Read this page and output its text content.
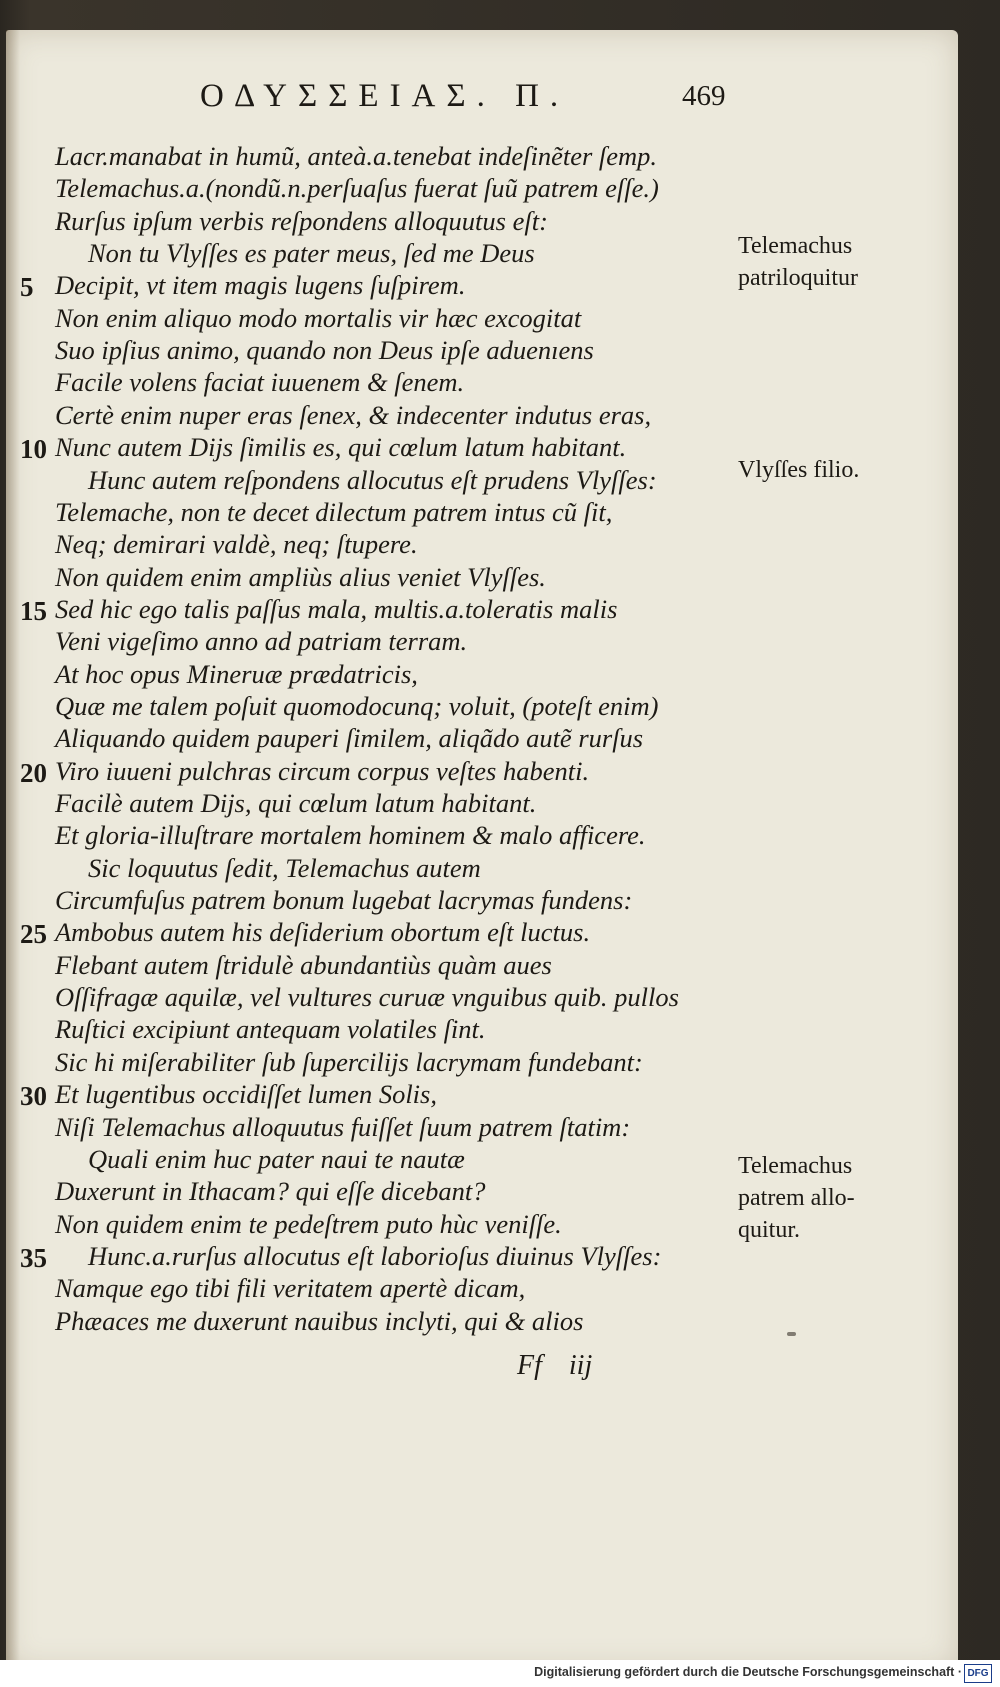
ΟΔΥΣΣΕΙΑΣ. Π.	469
Lacr.manabat in humũ, anteà.a.tenebat indeſinẽter ſemp.
Telemachus.a.(nondũ.n.perſuaſus fuerat ſuũ patrem eſſe.)
Rurſus ipſum verbis reſpondens alloquutus eſt:
Non tu Vlyſſes es pater meus, ſed me Deus
Decipit, vt item magis lugens ſuſpirem.
5
Non enim aliquo modo mortalis vir hæc excogitat
Suo ipſius animo, quando non Deus ipſe aduenıens
Facile volens faciat iuuenem & ſenem.
Certè enim nuper eras ſenex, & indecenter indutus eras,
Nunc autem Dijs ſimilis es, qui cœlum latum habitant.
10
Hunc autem reſpondens allocutus eſt prudens Vlyſſes:
Telemache, non te decet dilectum patrem intus cũ ſit,
Neq; demirari valdè, neq; ſtupere.
Non quidem enim ampliùs alius veniet Vlyſſes.
Sed hic ego talis paſſus mala, multis.a.toleratis malis
15
Veni vigeſimo anno ad patriam terram.
At hoc opus Mineruæ prædatricis,
Quæ me talem poſuit quomodocunq; voluit, (poteſt enim)
Aliquando quidem pauperi ſimilem, aliqãdo autẽ rurſus
Viro iuueni pulchras circum corpus veſtes habenti.
20
Facilè autem Dijs, qui cœlum latum habitant.
Et gloria-illuſtrare mortalem hominem & malo afficere.
Sic loquutus ſedit, Telemachus autem
Circumfuſus patrem bonum lugebat lacrymas fundens:
Ambobus autem his deſiderium obortum eſt luctus.
25
Flebant autem ſtridulè abundantiùs quàm aues
Oſſifragæ aquilæ, vel vultures curuæ vnguibus quib. pullos
Ruſtici excipiunt antequam volatiles ſint.
Sic hi miſerabiliter ſub ſupercilijs lacrymam fundebant:
Et lugentibus occidiſſet lumen Solis,
30
Niſi Telemachus alloquutus fuiſſet ſuum patrem ſtatim:
Quali enim huc pater naui te nautæ
Duxerunt in Ithacam? qui eſſe dicebant?
Non quidem enim te pedeſtrem puto hùc veniſſe.
Hunc.a.rurſus allocutus eſt laborioſus diuinus Vlyſſes:
35
Namque ego tibi fili veritatem apertè dicam,
Phæaces me duxerunt nauibus inclyti, qui & alios
Telemachus
patriloquitur
Vlyſſes filio.
Telemachus
patrem allo-
quitur.
Ff iij
Digitalisierung gefördert durch die Deutsche Forschungsgemeinschaft · DFG
